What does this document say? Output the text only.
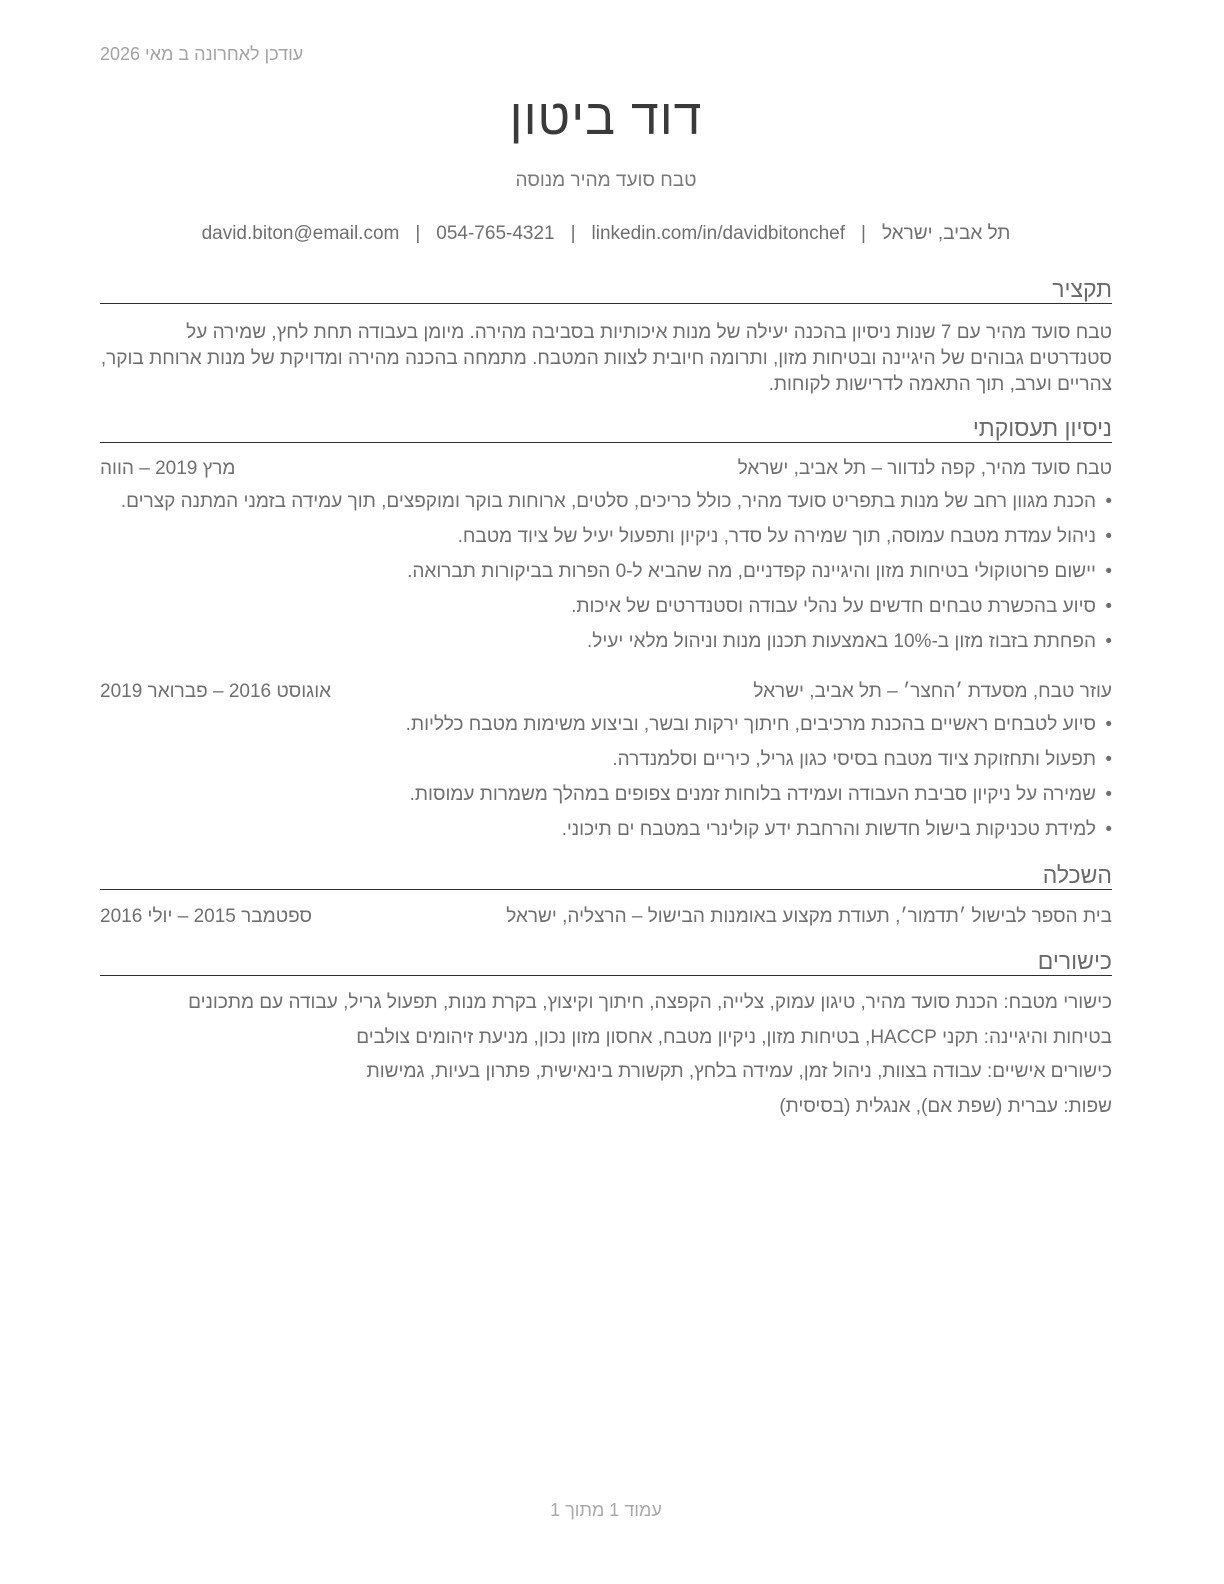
עודכן לאחרונה ב מאי 2026
דוד ביטון
טבח סועד מהיר מנוסה
תל אביב, ישראל|david.biton@email.com | 054-765-4321 | linkedin.com/in/davidbitonchef
תקציר
טבח סועד מהיר עם 7 שנות ניסיון בהכנה יעילה של מנות איכותיות בסביבה מהירה. מיומן בעבודה תחת לחץ, שמירה על סטנדרטים גבוהים של היגיינה ובטיחות מזון, ותרומה חיובית לצוות המטבח. מתמחה בהכנה מהירה ומדויקת של מנות ארוחת בוקר, צהריים וערב, תוך התאמה לדרישות לקוחות.
ניסיון תעסוקתי
טבח סועד מהיר, קפה לנדוור – תל אביב, ישראל
מרץ 2019 – הווה
•
הכנת מגוון רחב של מנות בתפריט סועד מהיר, כולל כריכים, סלטים, ארוחות בוקר ומוקפצים, תוך עמידה בזמני המתנה קצרים.
•
ניהול עמדת מטבח עמוסה, תוך שמירה על סדר, ניקיון ותפעול יעיל של ציוד מטבח.
•
יישום פרוטוקולי בטיחות מזון והיגיינה קפדניים, מה שהביא ל-0 הפרות בביקורות תברואה.
•
סיוע בהכשרת טבחים חדשים על נהלי עבודה וסטנדרטים של איכות.
•
הפחתת בזבוז מזון ב-10% באמצעות תכנון מנות וניהול מלאי יעיל.
עוזר טבח, מסעדת ׳החצר׳ – תל אביב, ישראל
אוגוסט 2016 – פברואר 2019
•
סיוע לטבחים ראשיים בהכנת מרכיבים, חיתוך ירקות ובשר, וביצוע משימות מטבח כלליות.
•
תפעול ותחזוקת ציוד מטבח בסיסי כגון גריל, כיריים וסלמנדרה.
•
שמירה על ניקיון סביבת העבודה ועמידה בלוחות זמנים צפופים במהלך משמרות עמוסות.
•
למידת טכניקות בישול חדשות והרחבת ידע קולינרי במטבח ים תיכוני.
השכלה
בית הספר לבישול ׳תדמור׳, תעודת מקצוע באומנות הבישול – הרצליה, ישראל
ספטמבר 2015 – יולי 2016
כישורים
כישורי מטבח: הכנת סועד מהיר, טיגון עמוק, צלייה, הקפצה, חיתוך וקיצוץ, בקרת מנות, תפעול גריל, עבודה עם מתכונים
בטיחות והיגיינה: תקני HACCP, בטיחות מזון, ניקיון מטבח, אחסון מזון נכון, מניעת זיהומים צולבים
כישורים אישיים: עבודה בצוות, ניהול זמן, עמידה בלחץ, תקשורת בינאישית, פתרון בעיות, גמישות
שפות: עברית (שפת אם), אנגלית (בסיסית)
עמוד 1 מתוך 1
